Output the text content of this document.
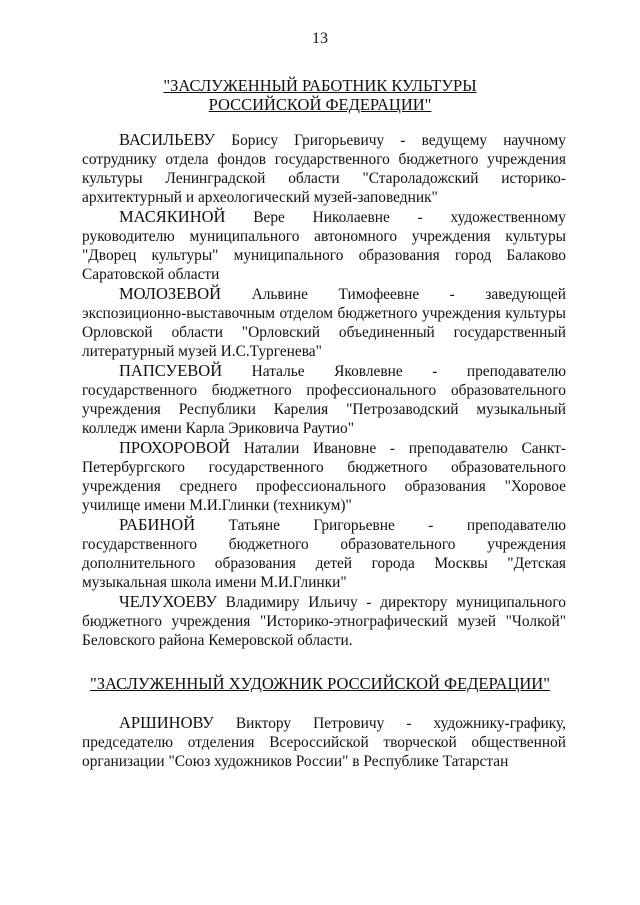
13
"ЗАСЛУЖЕННЫЙ РАБОТНИК КУЛЬТУРЫ
РОССИЙСКОЙ ФЕДЕРАЦИИ"

ВАСИЛЬЕВУ Борису Григорьевичу - ведущему научному сотруднику отдела фондов государственного бюджетного учреждения культуры Ленинградской области "Староладожский историко-архитектурный и археологический музей-заповедник"

МАСЯКИНОЙ Вере Николаевне - художественному руководителю муниципального автономного учреждения культуры "Дворец культуры" муниципального образования город Балаково Саратовской области

МОЛОЗЕВОЙ Альвине Тимофеевне - заведующей экспозиционно-выставочным отделом бюджетного учреждения культуры Орловской области "Орловский объединенный государственный литературный музей И.С.Тургенева"

ПАПСУЕВОЙ Наталье Яковлевне - преподавателю государственного бюджетного профессионального образовательного учреждения Республики Карелия "Петрозаводский музыкальный колледж имени Карла Эриковича Раутио"

ПРОХОРОВОЙ Наталии Ивановне - преподавателю Санкт-Петербургского государственного бюджетного образовательного учреждения среднего профессионального образования "Хоровое училище имени М.И.Глинки (техникум)"

РАБИНОЙ Татьяне Григорьевне - преподавателю государственного бюджетного образовательного учреждения дополнительного образования детей города Москвы "Детская музыкальная школа имени М.И.Глинки"

ЧЕЛУХОЕВУ Владимиру Ильичу - директору муниципального бюджетного учреждения "Историко-этнографический музей "Чолкой" Беловского района Кемеровской области.

"ЗАСЛУЖЕННЫЙ ХУДОЖНИК РОССИЙСКОЙ ФЕДЕРАЦИИ"

АРШИНОВУ Виктору Петровичу - художнику-графику, председателю отделения Всероссийской творческой общественной организации "Союз художников России" в Республике Татарстан
